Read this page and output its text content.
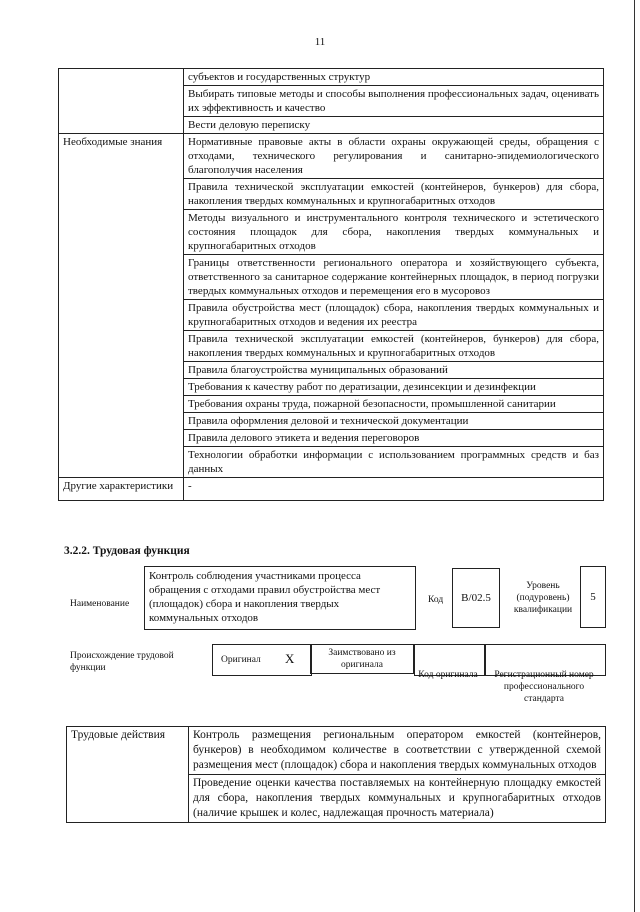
11
	субъектов и государственных структур
	Выбирать типовые методы и способы выполнения профессиональных задач, оценивать их эффективность и качество
	Вести деловую переписку
Необходимые знания	Нормативные правовые акты в области охраны окружающей среды, обращения с отходами, технического регулирования и санитарно-эпидемиологического благополучия населения
	Правила технической эксплуатации емкостей (контейнеров, бункеров) для сбора, накопления твердых коммунальных и крупногабаритных отходов
	Методы визуального и инструментального контроля технического и эстетического состояния площадок для сбора, накопления твердых коммунальных и крупногабаритных отходов
	Границы ответственности регионального оператора и хозяйствующего субъекта, ответственного за санитарное содержание контейнерных площадок, в период погрузки твердых коммунальных отходов и перемещения его в мусоровоз
	Правила обустройства мест (площадок) сбора, накопления твердых коммунальных и крупногабаритных отходов и ведения их реестра
	Правила технической эксплуатации емкостей (контейнеров, бункеров) для сбора, накопления твердых коммунальных и крупногабаритных отходов
	Правила благоустройства муниципальных образований
	Требования к качеству работ по дератизации, дезинсекции и дезинфекции
	Требования охраны труда, пожарной безопасности, промышленной санитарии
	Правила оформления деловой и технической документации
	Правила делового этикета и ведения переговоров
	Технологии обработки информации с использованием программных средств и баз данных
Другие характеристики	-
3.2.2. Трудовая функция
Наименование
Контроль соблюдения участниками процесса обращения с отходами правил обустройства мест (площадок) сбора и накопления твердых коммунальных отходов
Код	B/02.5
Уровень (подуровень) квалификации
5
Происхождение трудовой функции
Оригинал X	Заимствовано из оригинала
Код оригинала	Регистрационный номер профессионального стандарта
Трудовые действия	Контроль размещения региональным оператором емкостей (контейнеров, бункеров) в необходимом количестве в соответствии с утвержденной схемой размещения мест (площадок) сбора и накопления твердых коммунальных отходов
Проведение оценки качества поставляемых на контейнерную площадку емкостей для сбора, накопления твердых коммунальных и крупногабаритных отходов (наличие крышек и колес, надлежащая прочность материала)
